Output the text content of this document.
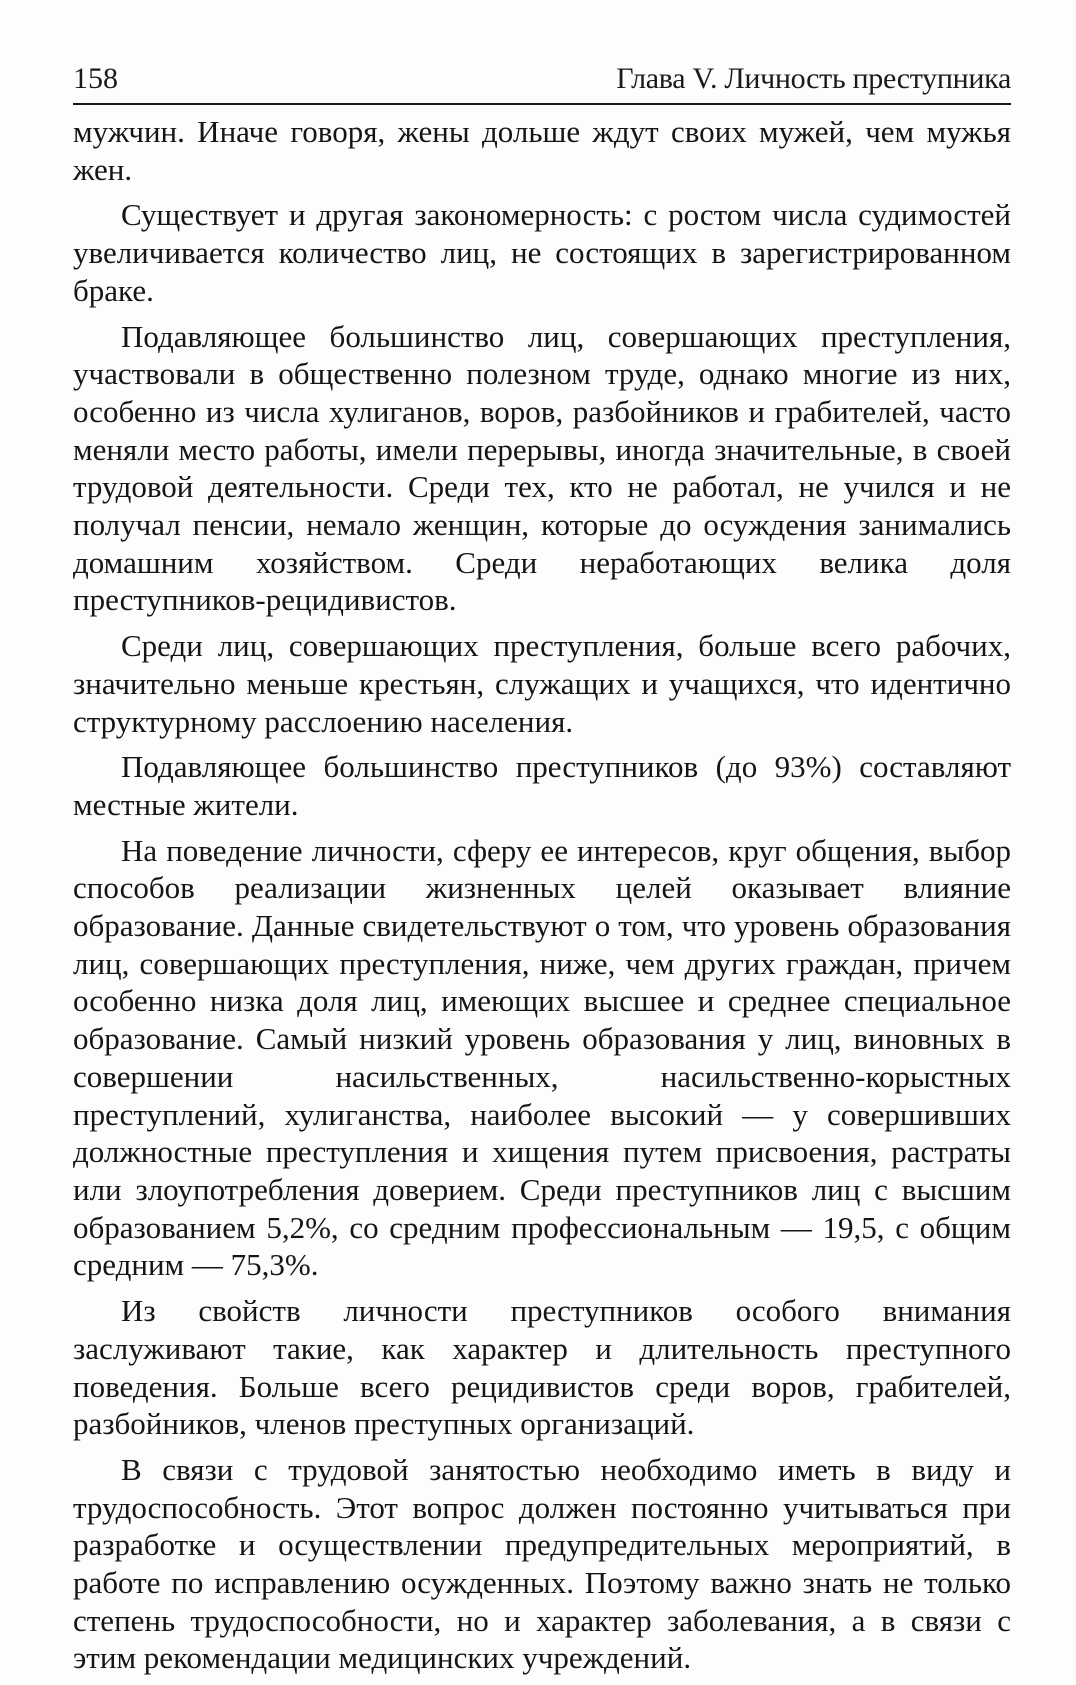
158	Глава V. Личность преступника

мужчин. Иначе говоря, жены дольше ждут своих мужей, чем мужья жен.

Существует и другая закономерность: с ростом числа судимостей увеличивается количество лиц, не состоящих в зарегистрированном браке.

Подавляющее большинство лиц, совершающих преступления, участвовали в общественно полезном труде, однако многие из них, особенно из числа хулиганов, воров, разбойников и грабителей, часто меняли место работы, имели перерывы, иногда значительные, в своей трудовой деятельности. Среди тех, кто не работал, не учился и не получал пенсии, немало женщин, которые до осуждения занимались домашним хозяйством. Среди неработающих велика доля преступников-рецидивистов.

Среди лиц, совершающих преступления, больше всего рабочих, значительно меньше крестьян, служащих и учащихся, что идентично структурному расслоению населения.

Подавляющее большинство преступников (до 93%) составляют местные жители.

На поведение личности, сферу ее интересов, круг общения, выбор способов реализации жизненных целей оказывает влияние образование. Данные свидетельствуют о том, что уровень образования лиц, совершающих преступления, ниже, чем других граждан, причем особенно низка доля лиц, имеющих высшее и среднее специальное образование. Самый низкий уровень образования у лиц, виновных в совершении насильственных, насильственно-корыстных преступлений, хулиганства, наиболее высокий — у совершивших должностные преступления и хищения путем присвоения, растраты или злоупотребления доверием. Среди преступников лиц с высшим образованием 5,2%, со средним профессиональным — 19,5, с общим средним — 75,3%.

Из свойств личности преступников особого внимания заслуживают такие, как характер и длительность преступного поведения. Больше всего рецидивистов среди воров, грабителей, разбойников, членов преступных организаций.

В связи с трудовой занятостью необходимо иметь в виду и трудоспособность. Этот вопрос должен постоянно учитываться при разработке и осуществлении предупредительных мероприятий, в работе по исправлению осужденных. Поэтому важно знать не только степень трудоспособности, но и характер заболевания, а в связи с этим рекомендации медицинских учреждений.
